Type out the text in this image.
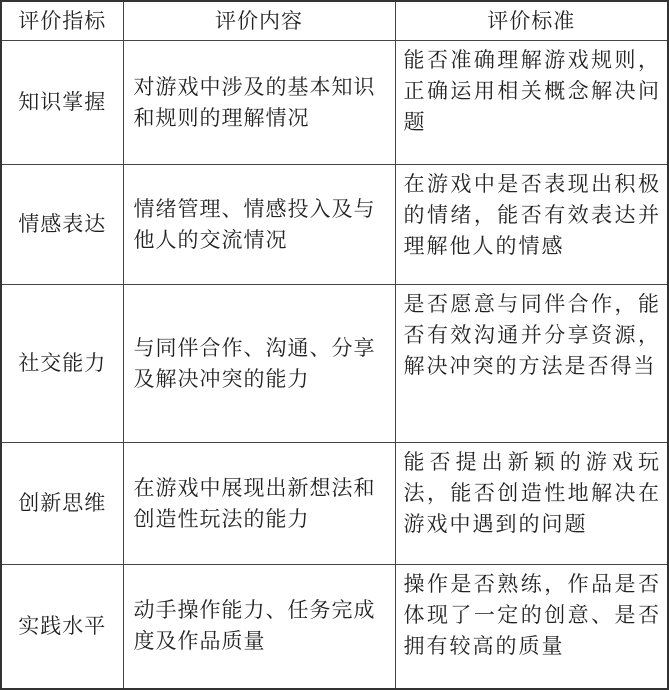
评价指标	评价内容	评价标准
知识掌握	对游戏中涉及的基本知识和规则的理解情况	能否准确理解游戏规则，正确运用相关概念解决问题
情感表达	情绪管理、情感投入及与他人的交流情况	在游戏中是否表现出积极的情绪，能否有效表达并理解他人的情感
社交能力	与同伴合作、沟通、分享及解决冲突的能力	是否愿意与同伴合作，能否有效沟通并分享资源，解决冲突的方法是否得当
创新思维	在游戏中展现出新想法和创造性玩法的能力	能否提出新颖的游戏玩法，能否创造性地解决在游戏中遇到的问题
实践水平	动手操作能力、任务完成度及作品质量	操作是否熟练，作品是否体现了一定的创意、是否拥有较高的质量
